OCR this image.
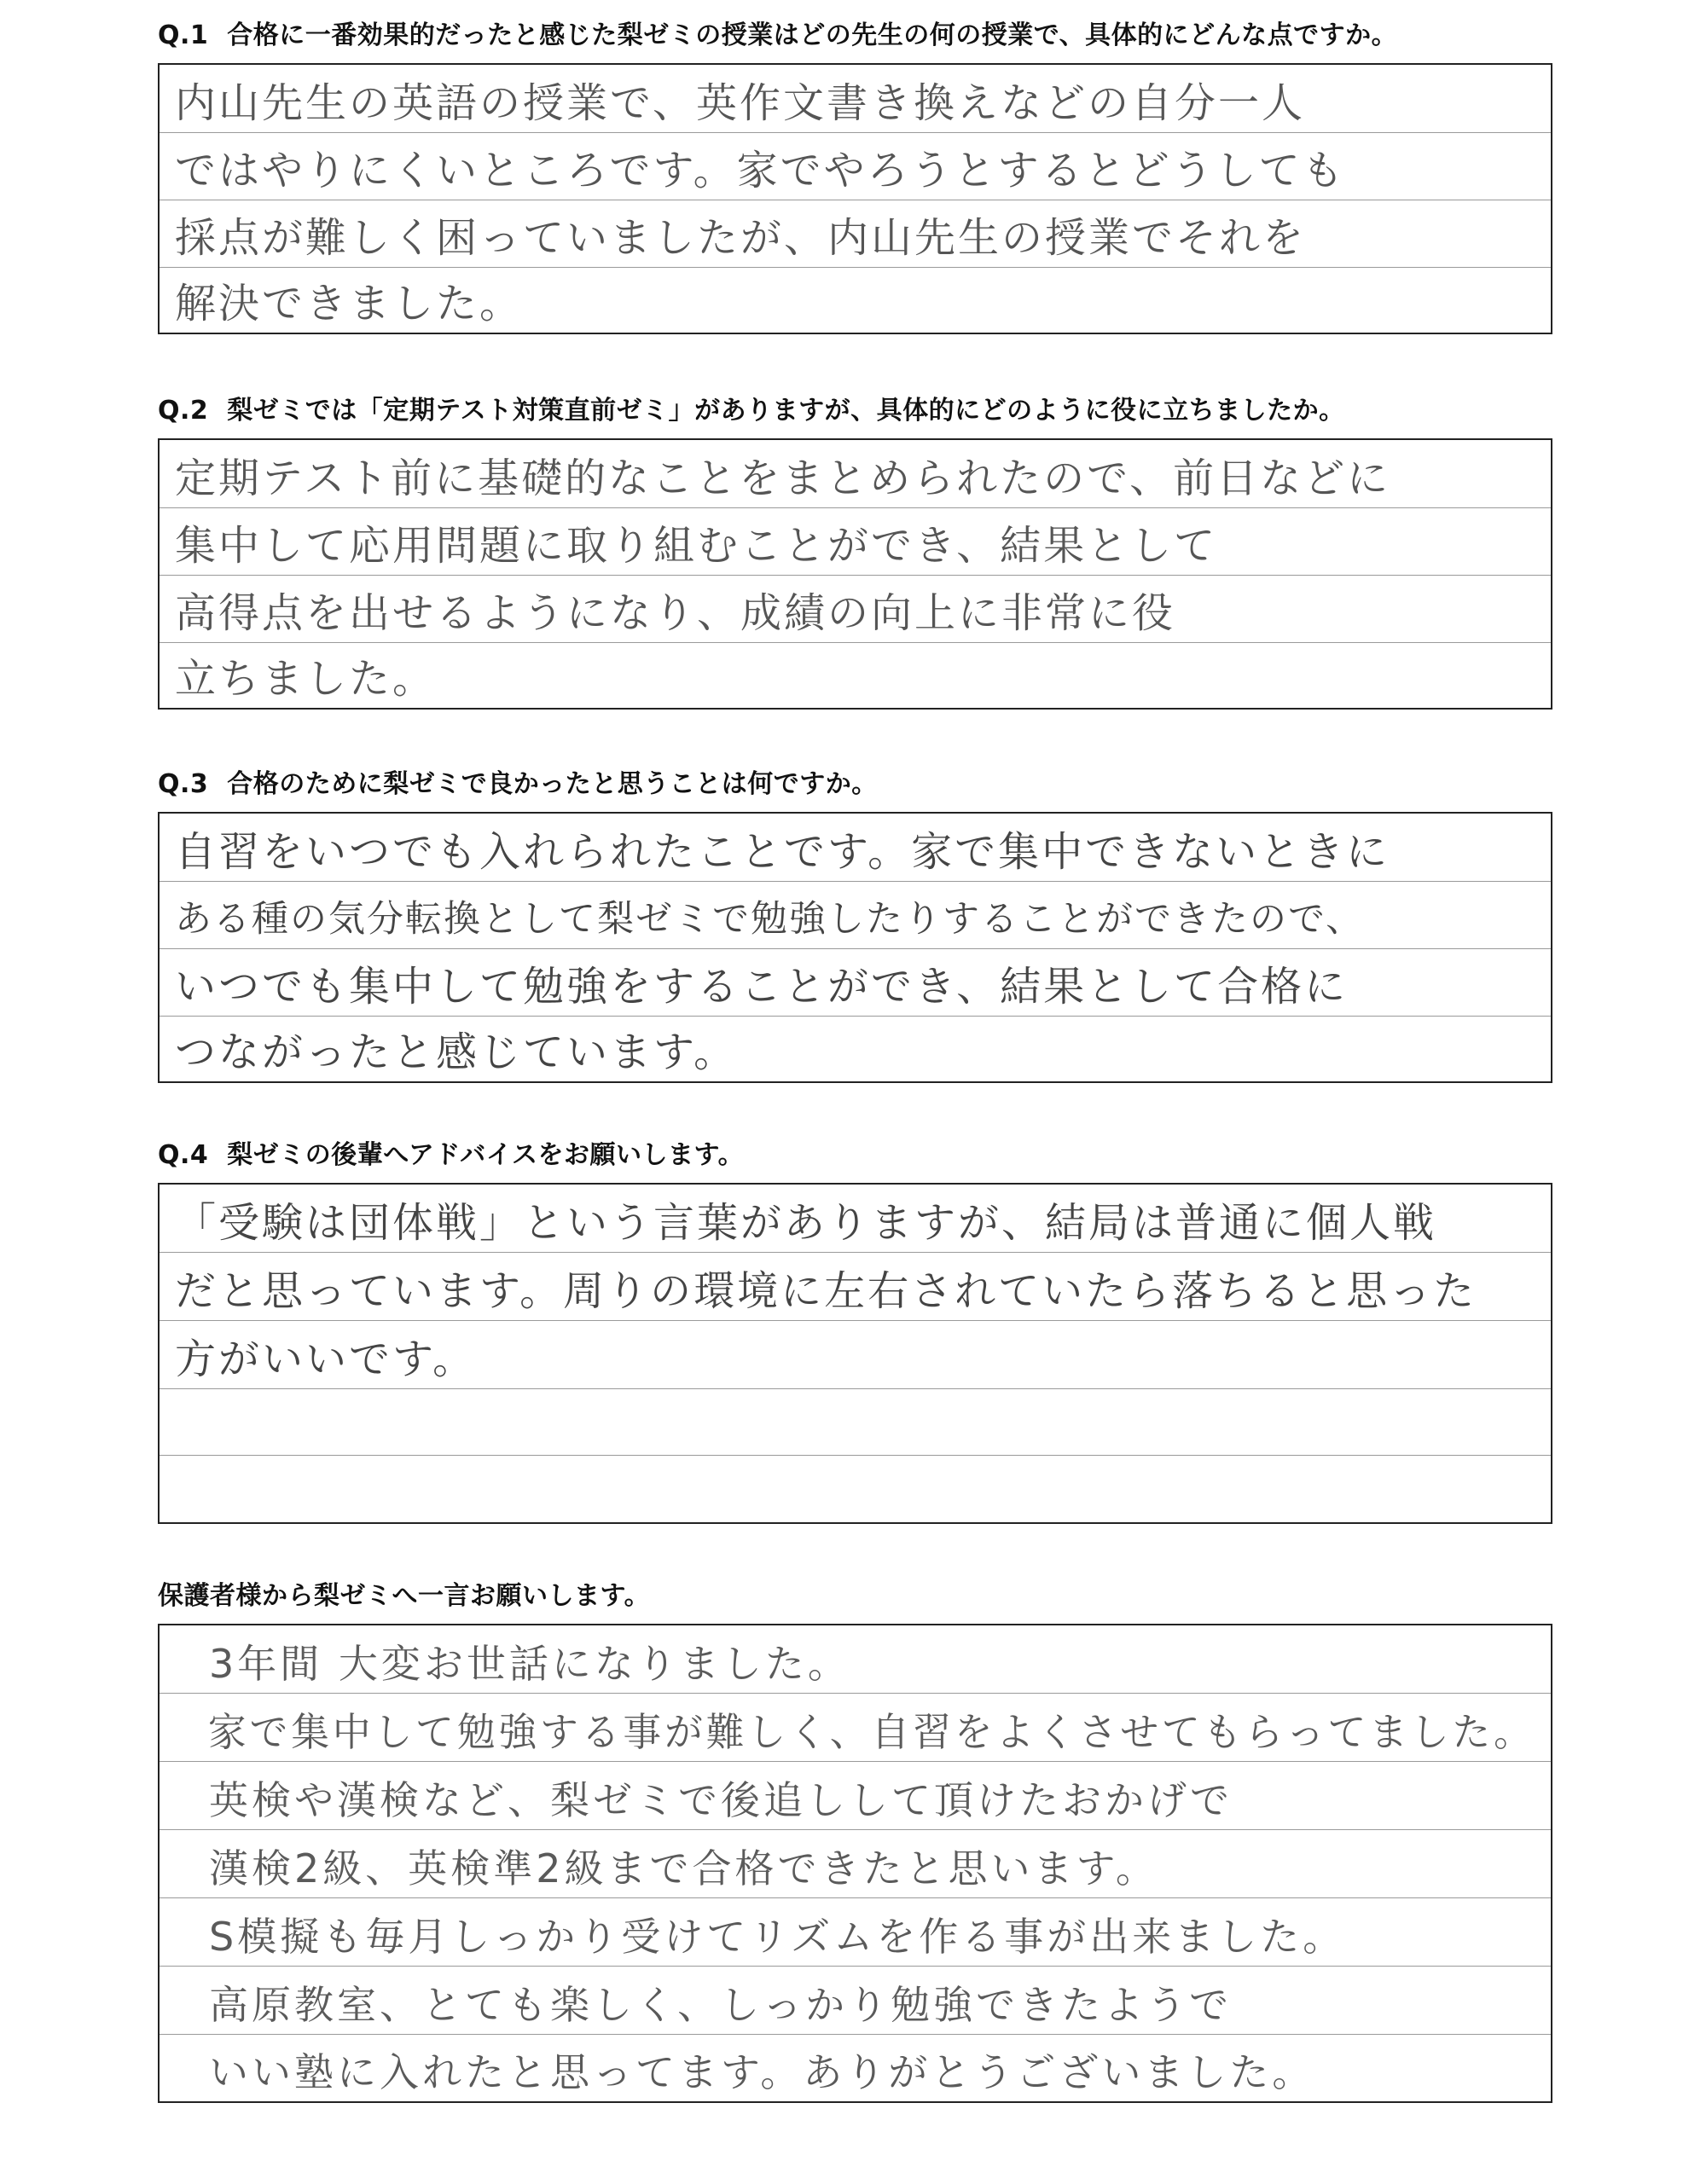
Q.1 合格に一番効果的だったと感じた梨ゼミの授業はどの先生の何の授業で、具体的にどんな点ですか。
内山先生の英語の授業で、英作文書き換えなどの自分一人
ではやりにくいところです。家でやろうとするとどうしても
採点が難しく困っていましたが、内山先生の授業でそれを
解決できました。
Q.2 梨ゼミでは「定期テスト対策直前ゼミ」がありますが、具体的にどのように役に立ちましたか。
定期テスト前に基礎的なことをまとめられたので、前日などに
集中して応用問題に取り組むことができ、結果として
高得点を出せるようになり、成績の向上に非常に役
立ちました。
Q.3 合格のために梨ゼミで良かったと思うことは何ですか。
自習をいつでも入れられたことです。家で集中できないときに
ある種の気分転換として梨ゼミで勉強したりすることができたので、
いつでも集中して勉強をすることができ、結果として合格に
つながったと感じています。
Q.4 梨ゼミの後輩へアドバイスをお願いします。
「受験は団体戦」という言葉がありますが、結局は普通に個人戦
だと思っています。周りの環境に左右されていたら落ちると思った
方がいいです。
保護者様から梨ゼミへ一言お願いします。
3年間 大変お世話になりました。
家で集中して勉強する事が難しく、自習をよくさせてもらってました。
英検や漢検など、梨ゼミで後追しして頂けたおかげで
漢検2級、英検準2級まで合格できたと思います。
S模擬も毎月しっかり受けてリズムを作る事が出来ました。
高原教室、とても楽しく、しっかり勉強できたようで
いい塾に入れたと思ってます。ありがとうございました。
